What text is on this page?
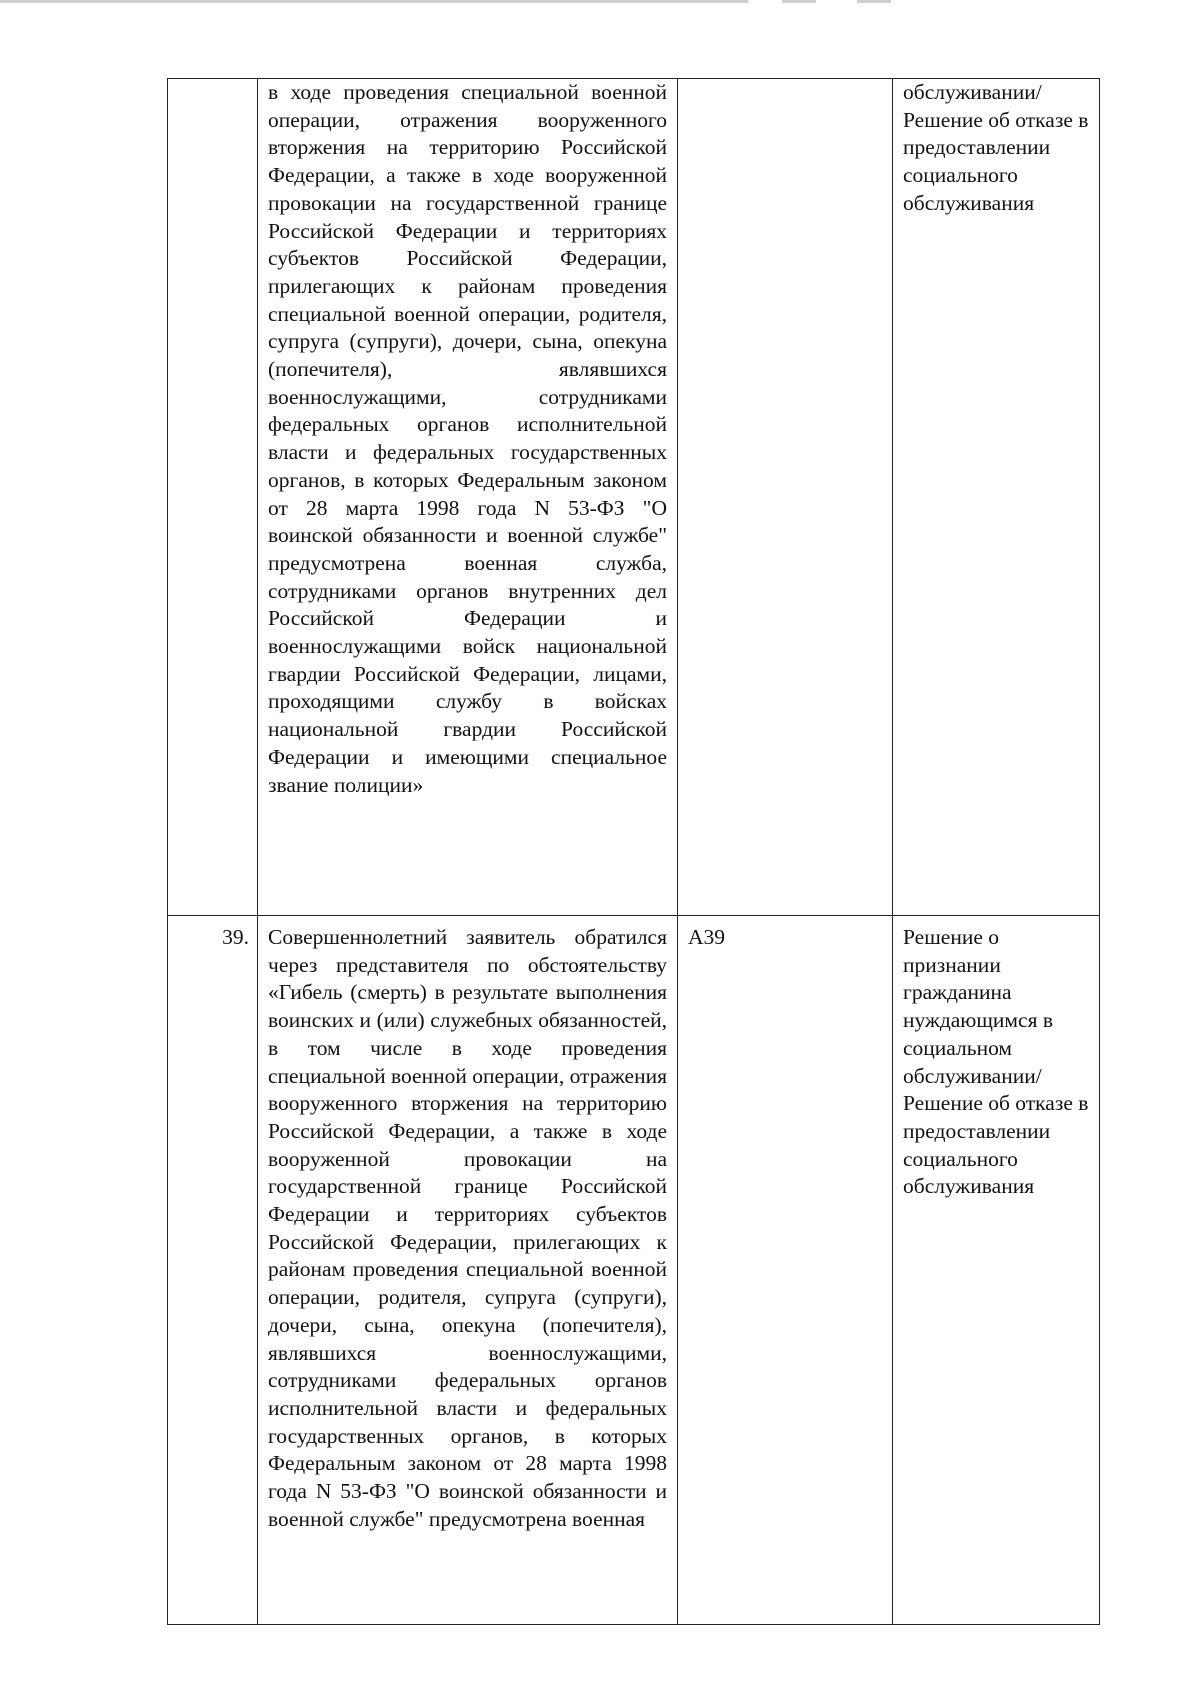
	в ходе проведения специальной военной операции, отражения вооруженного вторжения на территорию Российской Федерации, а также в ходе вооруженной провокации на государственной границе Российской Федерации и территориях субъектов Российской Федерации, прилегающих к районам проведения специальной военной операции, родителя, супруга (супруги), дочери, сына, опекуна (попечителя), являвшихся военнослужащими, сотрудниками федеральных органов исполнительной власти и федеральных государственных органов, в которых Федеральным законом от 28 марта 1998 года N 53-ФЗ "О воинской обязанности и военной службе" предусмотрена военная служба, сотрудниками органов внутренних дел Российской Федерации и военнослужащими войск национальной гвардии Российской Федерации, лицами, проходящими службу в войсках национальной гвардии Российской Федерации и имеющими специальное звание полиции»		обслуживании/ Решение об отказе в предоставлении социального обслуживания

39.	Совершеннолетний заявитель обратился через представителя по обстоятельству «Гибель (смерть) в результате выполнения воинских и (или) служебных обязанностей, в том числе в ходе проведения специальной военной операции, отражения вооруженного вторжения на территорию Российской Федерации, а также в ходе вооруженной провокации на государственной границе Российской Федерации и территориях субъектов Российской Федерации, прилегающих к районам проведения специальной военной операции, родителя, супруга (супруги), дочери, сына, опекуна (попечителя), являвшихся военнослужащими, сотрудниками федеральных органов исполнительной власти и федеральных государственных органов, в которых Федеральным законом от 28 марта 1998 года N 53-ФЗ "О воинской обязанности и военной службе" предусмотрена военная	А39	Решение о признании гражданина нуждающимся в социальном обслуживании/ Решение об отказе в предоставлении социального обслуживания
